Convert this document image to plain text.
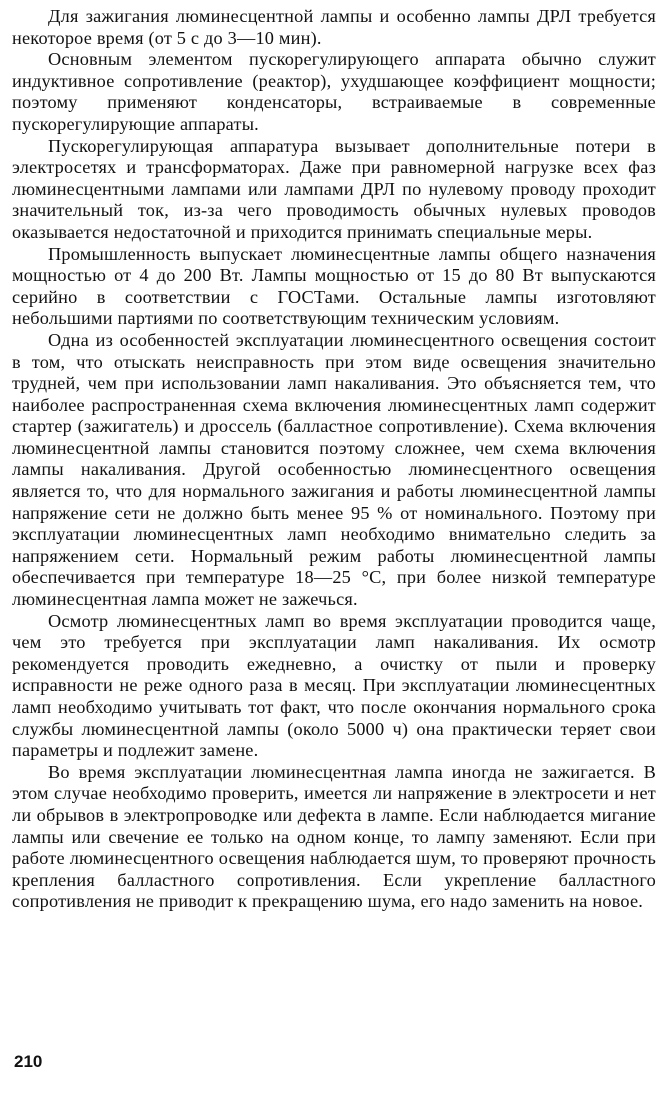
Для зажигания люминесцентной лампы и особенно лампы ДРЛ требуется некоторое время (от 5 с до 3—10 мин).

Основным элементом пускорегулирующего аппарата обычно служит индуктивное сопротивление (реактор), ухудшающее коэффициент мощности; поэтому применяют конденсаторы, встраиваемые в современные пускорегулирующие аппараты.

Пускорегулирующая аппаратура вызывает дополнительные потери в электросетях и трансформаторах. Даже при равномерной нагрузке всех фаз люминесцентными лампами или лампами ДРЛ по нулевому проводу проходит значительный ток, из-за чего проводимость обычных нулевых проводов оказывается недостаточной и приходится принимать специальные меры.

Промышленность выпускает люминесцентные лампы общего назначения мощностью от 4 до 200 Вт. Лампы мощностью от 15 до 80 Вт выпускаются серийно в соответствии с ГОСТами. Остальные лампы изготовляют небольшими партиями по соответствующим техническим условиям.

Одна из особенностей эксплуатации люминесцентного освещения состоит в том, что отыскать неисправность при этом виде освещения значительно трудней, чем при использовании ламп накаливания. Это объясняется тем, что наиболее распространенная схема включения люминесцентных ламп содержит стартер (зажигатель) и дроссель (балластное сопротивление). Схема включения люминесцентной лампы становится поэтому сложнее, чем схема включения лампы накаливания. Другой особенностью люминесцентного освещения является то, что для нормального зажигания и работы люминесцентной лампы напряжение сети не должно быть менее 95 % от номинального. Поэтому при эксплуатации люминесцентных ламп необходимо внимательно следить за напряжением сети. Нормальный режим работы люминесцентной лампы обеспечивается при температуре 18—25 °С, при более низкой температуре люминесцентная лампа может не зажечься.

Осмотр люминесцентных ламп во время эксплуатации проводится чаще, чем это требуется при эксплуатации ламп накаливания. Их осмотр рекомендуется проводить ежедневно, а очистку от пыли и проверку исправности не реже одного раза в месяц. При эксплуатации люминесцентных ламп необходимо учитывать тот факт, что после окончания нормального срока службы люминесцентной лампы (около 5000 ч) она практически теряет свои параметры и подлежит замене.

Во время эксплуатации люминесцентная лампа иногда не зажигается. В этом случае необходимо проверить, имеется ли напряжение в электросети и нет ли обрывов в электропроводке или дефекта в лампе. Если наблюдается мигание лампы или свечение ее только на одном конце, то лампу заменяют. Если при работе люминесцентного освещения наблюдается шум, то проверяют прочность крепления балластного сопротивления. Если укрепление балластного сопротивления не приводит к прекращению шума, его надо заменить на новое.

210
